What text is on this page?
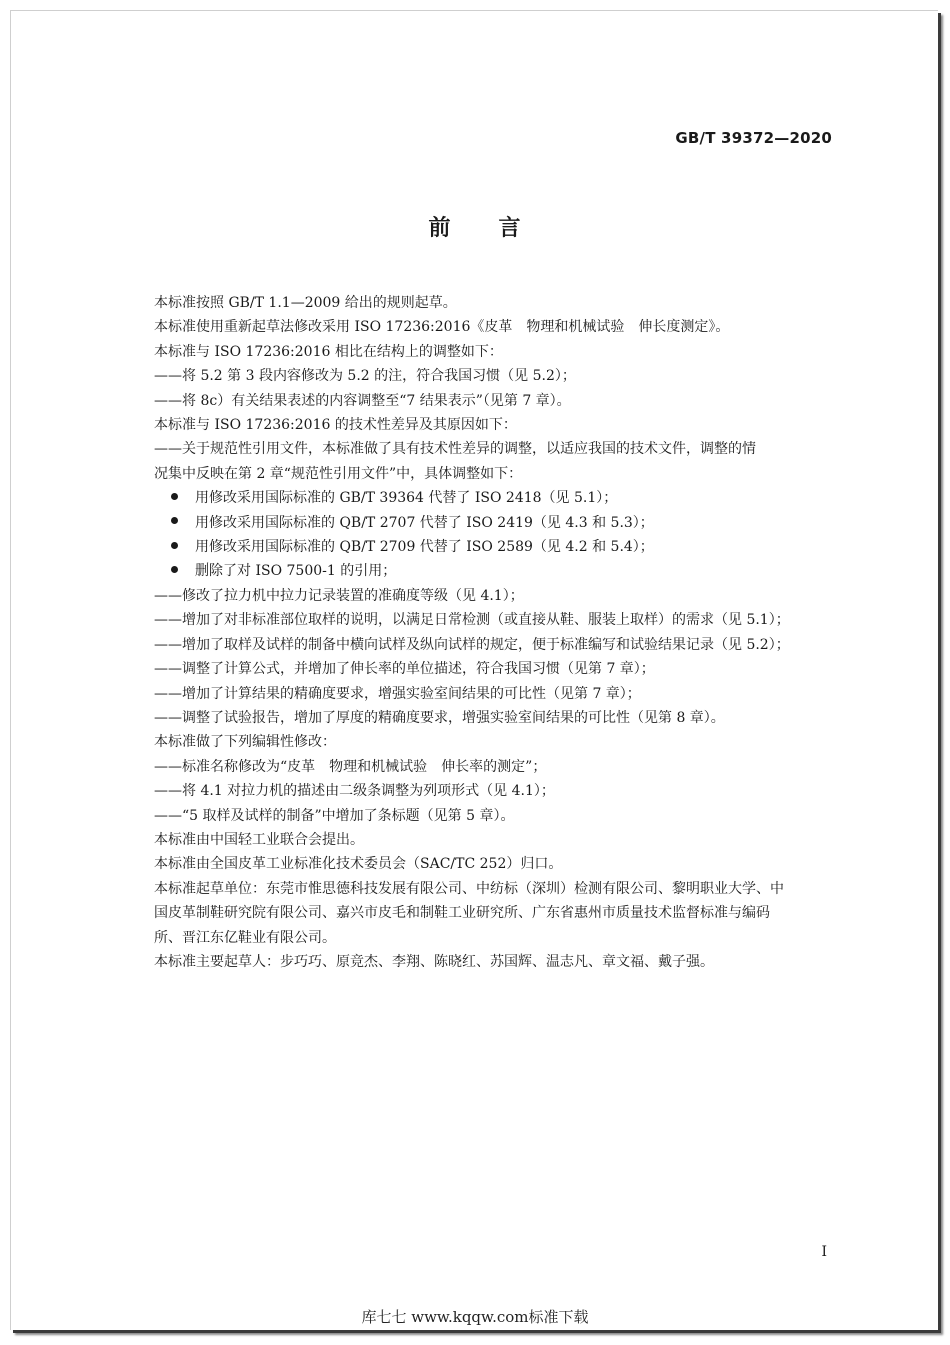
GB/T 39372—2020
前言

本标准按照 GB/T 1.1—2009 给出的规则起草。

本标准使用重新起草法修改采用 ISO 17236:2016《皮革　物理和机械试验　伸长度测定》。

本标准与 ISO 17236:2016 相比在结构上的调整如下：

——将 5.2 第 3 段内容修改为 5.2 的注，符合我国习惯（见 5.2）；

——将 8c）有关结果表述的内容调整至“7 结果表示”（见第 7 章）。

本标准与 ISO 17236:2016 的技术性差异及其原因如下：

——关于规范性引用文件，本标准做了具有技术性差异的调整，以适应我国的技术文件，调整的情

况集中反映在第 2 章“规范性引用文件”中，具体调整如下：

用修改采用国际标准的 GB/T 39364 代替了 ISO 2418（见 5.1）；

用修改采用国际标准的 QB/T 2707 代替了 ISO 2419（见 4.3 和 5.3）；

用修改采用国际标准的 QB/T 2709 代替了 ISO 2589（见 4.2 和 5.4）；

删除了对 ISO 7500-1 的引用；

——修改了拉力机中拉力记录装置的准确度等级（见 4.1）；

——增加了对非标准部位取样的说明，以满足日常检测（或直接从鞋、服装上取样）的需求（见 5.1）；

——增加了取样及试样的制备中横向试样及纵向试样的规定，便于标准编写和试验结果记录（见 5.2）；

——调整了计算公式，并增加了伸长率的单位描述，符合我国习惯（见第 7 章）；

——增加了计算结果的精确度要求，增强实验室间结果的可比性（见第 7 章）；

——调整了试验报告，增加了厚度的精确度要求，增强实验室间结果的可比性（见第 8 章）。

本标准做了下列编辑性修改：

——标准名称修改为“皮革　物理和机械试验　伸长率的测定”；

——将 4.1 对拉力机的描述由二级条调整为列项形式（见 4.1）；

——“5 取样及试样的制备”中增加了条标题（见第 5 章）。

本标准由中国轻工业联合会提出。

本标准由全国皮革工业标准化技术委员会（SAC/TC 252）归口。

本标准起草单位：东莞市惟思德科技发展有限公司、中纺标（深圳）检测有限公司、黎明职业大学、中

国皮革制鞋研究院有限公司、嘉兴市皮毛和制鞋工业研究所、广东省惠州市质量技术监督标准与编码

所、晋江东亿鞋业有限公司。

本标准主要起草人：步巧巧、原竞杰、李翔、陈晓红、苏国辉、温志凡、章文福、戴子强。

I
库七七 www.kqqw.com标准下载
